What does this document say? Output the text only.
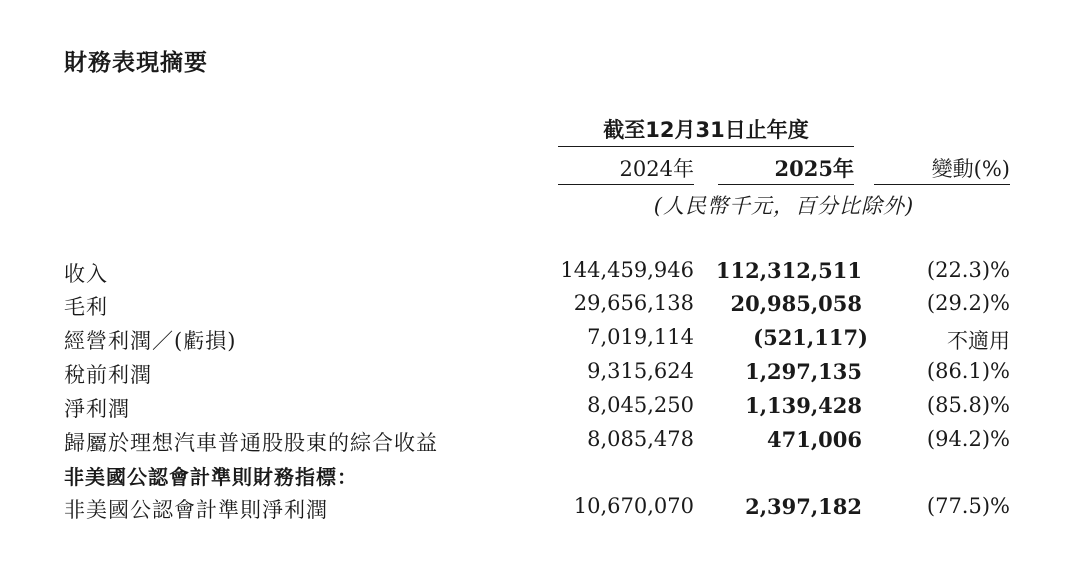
財務表現摘要
截至12月31日止年度
2024年	2025年	變動(%)
(人民幣千元，百分比除外)
收入	144,459,946 112,312,511	(22.3)%
毛利	29,656,138 20,985,058	(29.2)%
經營利潤／(虧損)	7,019,114	(521,117)	不適用
稅前利潤	9,315,624 1,297,135	(86.1)%
淨利潤	8,045,250 1,139,428	(85.8)%
歸屬於理想汽車普通股股東的綜合收益	8,085,478	471,006	(94.2)%
非美國公認會計準則財務指標：
非美國公認會計準則淨利潤	10,670,070 2,397,182	(77.5)%
